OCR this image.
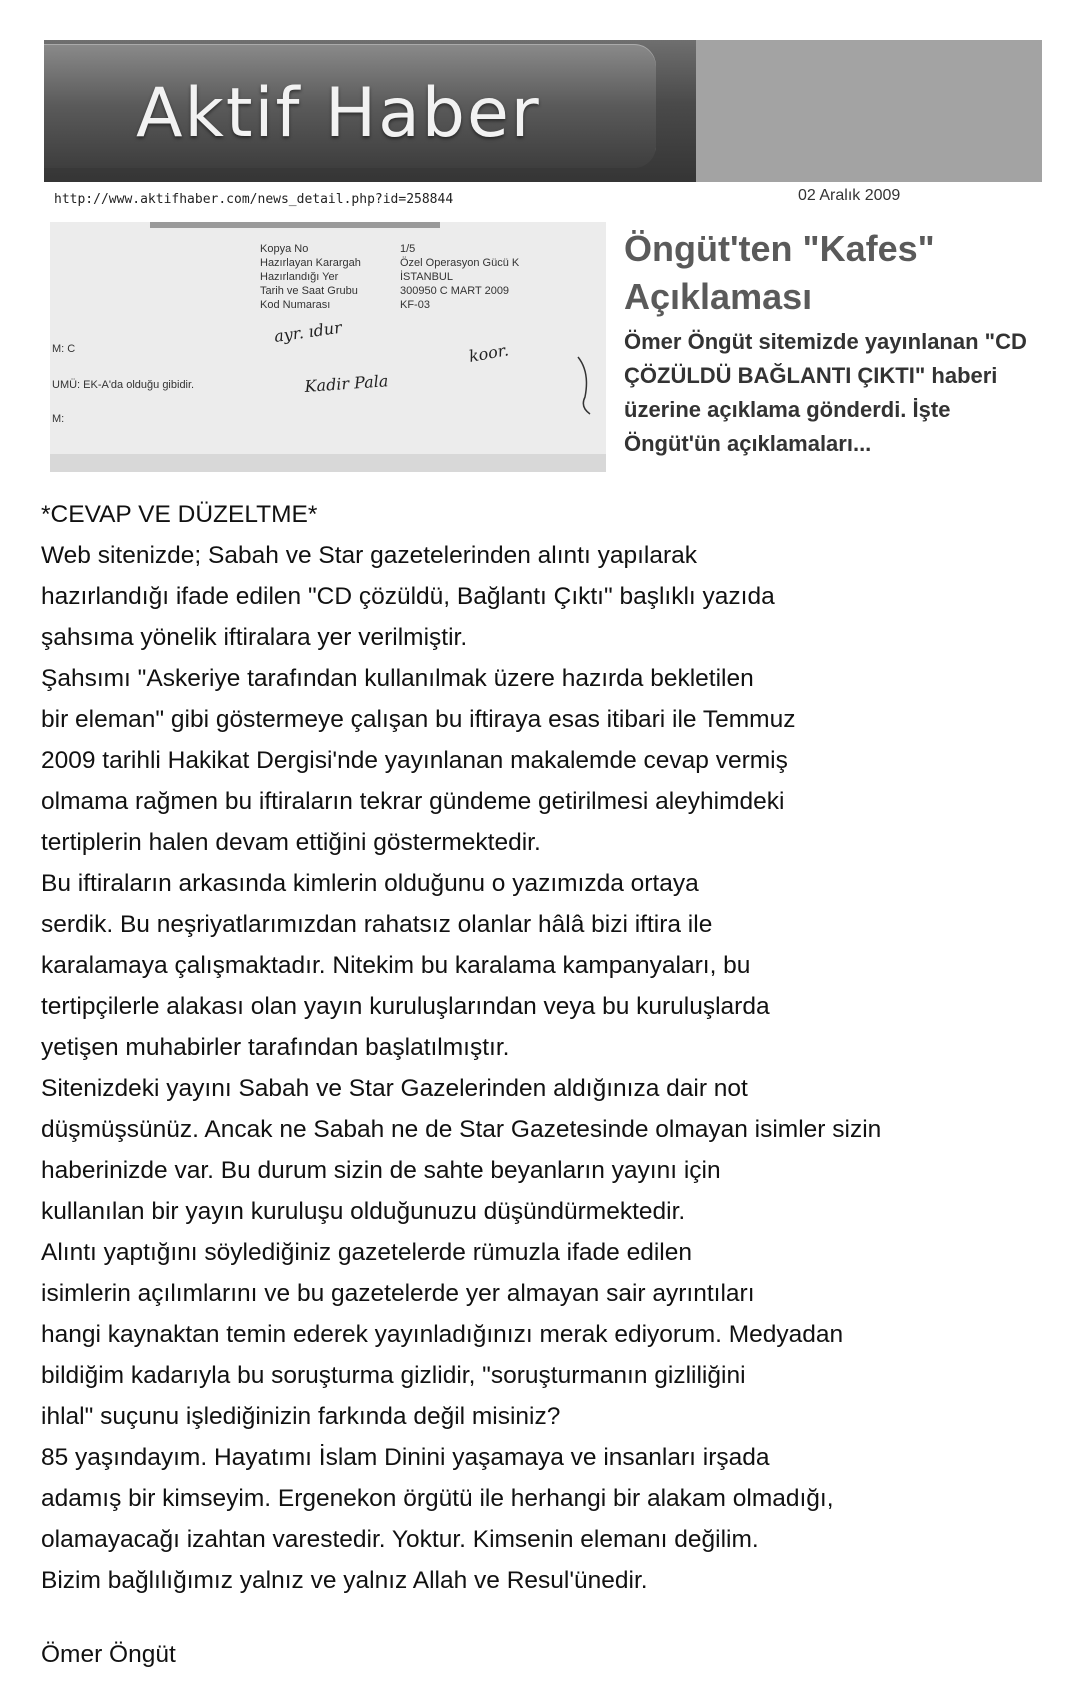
Aktif Haber
http://www.aktifhaber.com/news_detail.php?id=258844	02 Aralık 2009
Kopya No	1/5
Hazırlayan Karargah	Özel Operasyon Gücü K
Hazırlandığı Yer	İSTANBUL
Tarih ve Saat Grubu	300950 C MART 2009
Kod Numarası	KF-03
M: C
UMÜ: EK-A'da olduğu gibidir.
M:
ayr. ıdur
Kadir Pala
koor.
Öngüt'ten "Kafes" Açıklaması

Ömer Öngüt sitemizde yayınlanan "CD ÇÖZÜLDÜ BAĞLANTI ÇIKTI" haberi üzerine açıklama gönderdi. İşte Öngüt'ün açıklamaları...

*CEVAP VE DÜZELTME*

Web sitenizde; Sabah ve Star gazetelerinden alıntı yapılarak

hazırlandığı ifade edilen "CD çözüldü, Bağlantı Çıktı" başlıklı yazıda

şahsıma yönelik iftiralara yer verilmiştir.

Şahsımı "Askeriye tarafından kullanılmak üzere hazırda bekletilen

bir eleman" gibi göstermeye çalışan bu iftiraya esas itibari ile Temmuz

2009 tarihli Hakikat Dergisi'nde yayınlanan makalemde cevap vermiş

olmama rağmen bu iftiraların tekrar gündeme getirilmesi aleyhimdeki

tertiplerin halen devam ettiğini göstermektedir.

Bu iftiraların arkasında kimlerin olduğunu o yazımızda ortaya

serdik. Bu neşriyatlarımızdan rahatsız olanlar hâlâ bizi iftira ile

karalamaya çalışmaktadır. Nitekim bu karalama kampanyaları, bu

tertipçilerle alakası olan yayın kuruluşlarından veya bu kuruluşlarda

yetişen muhabirler tarafından başlatılmıştır.

Sitenizdeki yayını Sabah ve Star Gazelerinden aldığınıza dair not

düşmüşsünüz. Ancak ne Sabah ne de Star Gazetesinde olmayan isimler sizin

haberinizde var. Bu durum sizin de sahte beyanların yayını için

kullanılan bir yayın kuruluşu olduğunuzu düşündürmektedir.

Alıntı yaptığını söylediğiniz gazetelerde rümuzla ifade edilen

isimlerin açılımlarını ve bu gazetelerde yer almayan sair ayrıntıları

hangi kaynaktan temin ederek yayınladığınızı merak ediyorum. Medyadan

bildiğim kadarıyla bu soruşturma gizlidir, "soruşturmanın gizliliğini

ihlal" suçunu işlediğinizin farkında değil misiniz?

85 yaşındayım. Hayatımı İslam Dinini yaşamaya ve insanları irşada

adamış bir kimseyim. Ergenekon örgütü ile herhangi bir alakam olmadığı,

olamayacağı izahtan varestedir. Yoktur. Kimsenin elemanı değilim.

Bizim bağlılığımız yalnız ve yalnız Allah ve Resul'ünedir.

Ömer Öngüt
